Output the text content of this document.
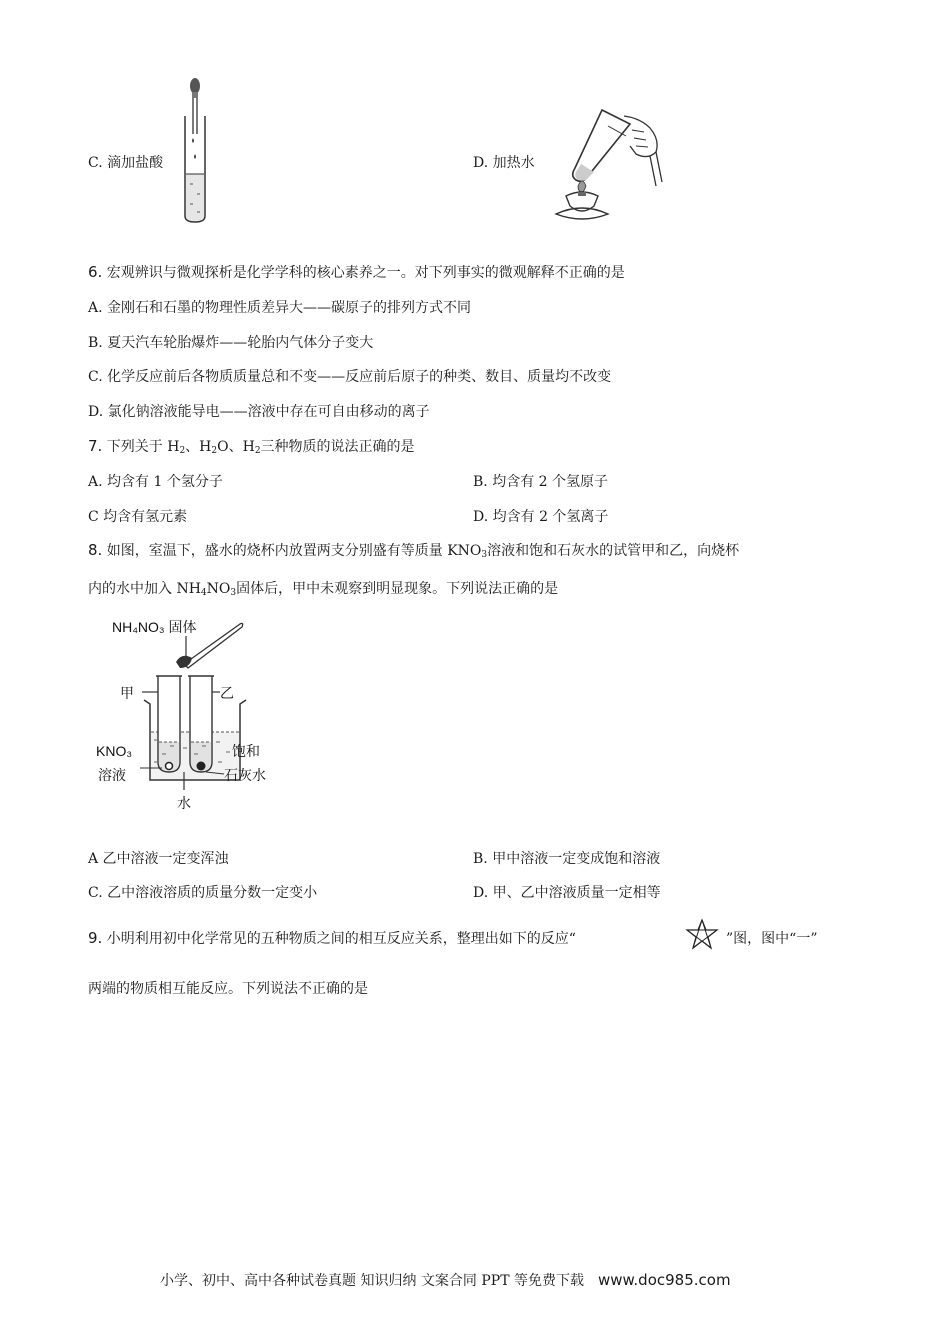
C. 滴加盐酸	D. 加热水
6. 宏观辨识与微观探析是化学学科的核心素养之一。对下列事实的微观解释不正确的是
A. 金刚石和石墨的物理性质差异大——碳原子的排列方式不同
B. 夏天汽车轮胎爆炸——轮胎内气体分子变大
C. 化学反应前后各物质质量总和不变——反应前后原子的种类、数目、质量均不改变
D. 氯化钠溶液能导电——溶液中存在可自由移动的离子
7. 下列关于 $H_2$、$H_2O$、$H_2$三种物质的说法正确的是
A. 均含有 1 个氢分子	B. 均含有 2 个氢原子
C 均含有氢元素	D. 均含有 2 个氢离子
8. 如图，室温下，盛水的烧杯内放置两支分别盛有等质量 $KNO_3$溶液和饱和石灰水的试管甲和乙，向烧杯
内的水中加入 $NH_4NO_3$固体后，甲中未观察到明显现象。下列说法正确的是
NH₄NO₃ 固体
甲	乙
KNO₃
溶液
饱和
石灰水
水
A 乙中溶液一定变浑浊	B. 甲中溶液一定变成饱和溶液
C. 乙中溶液溶质的质量分数一定变小	D. 甲、乙中溶液质量一定相等
9. 小明利用初中化学常见的五种物质之间的相互反应关系，整理出如下的反应“	”图，图中“一”
两端的物质相互能反应。下列说法不正确的是
小学、初中、高中各种试卷真题 知识归纳 文案合同 PPT 等免费下载 www.doc985.com
